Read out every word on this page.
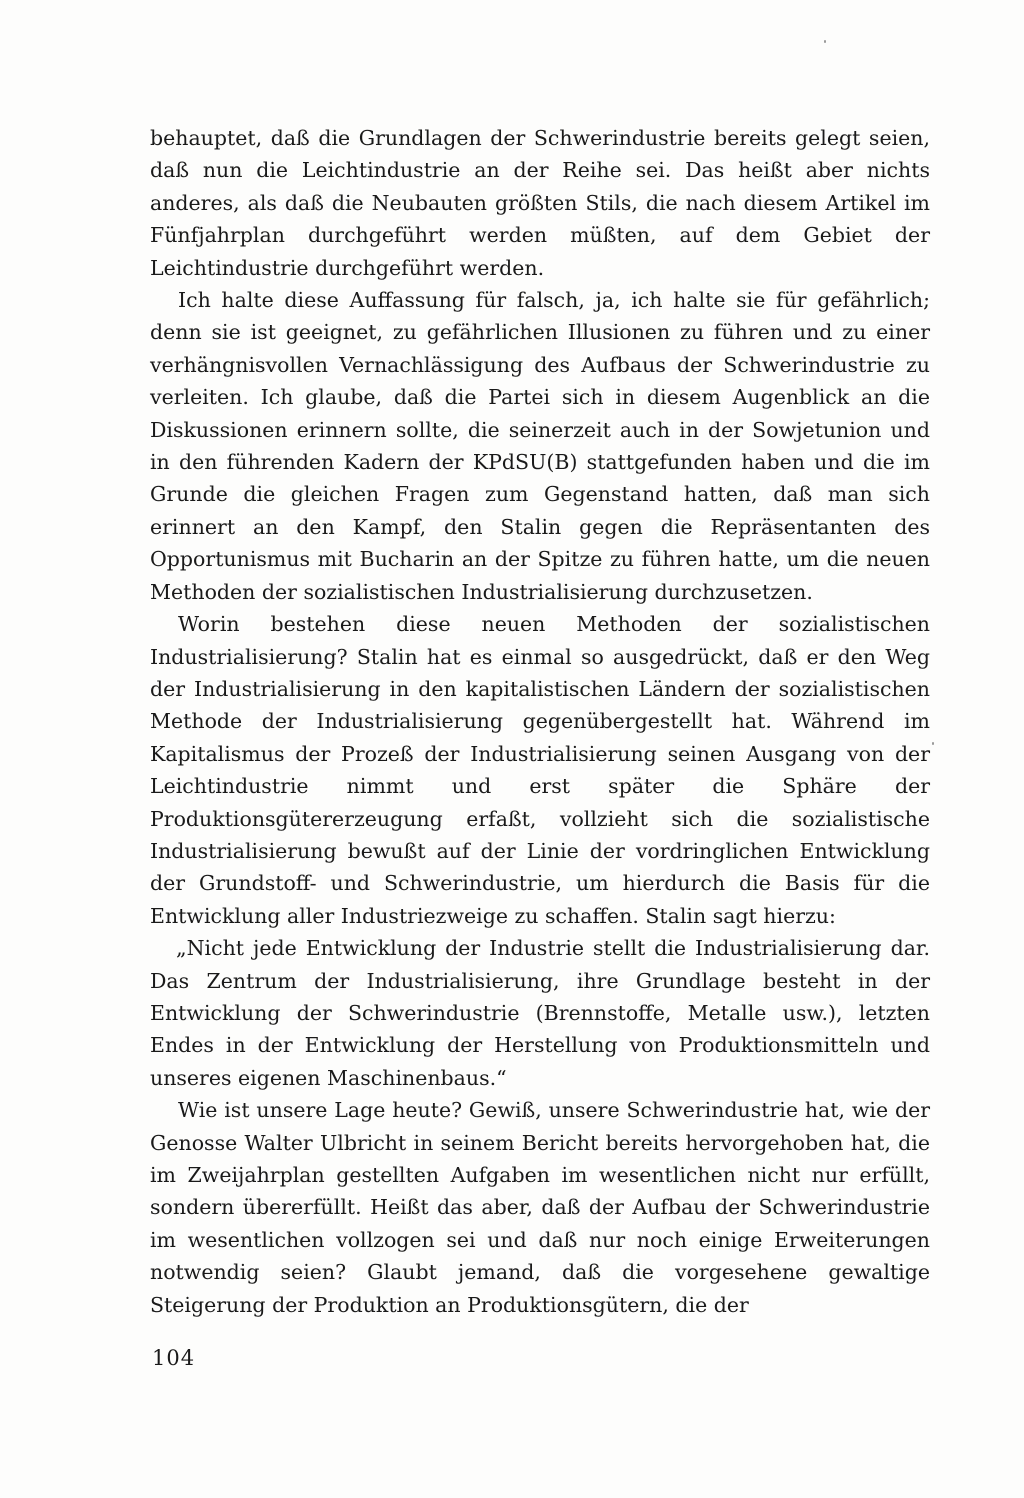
behauptet, daß die Grundlagen der Schwerindustrie bereits gelegt seien, daß nun die Leichtindustrie an der Reihe sei. Das heißt aber nichts anderes, als daß die Neubauten größten Stils, die nach diesem Artikel im Fünfjahrplan durchgeführt werden müßten, auf dem Gebiet der Leichtindustrie durchgeführt werden.

Ich halte diese Auffassung für falsch, ja, ich halte sie für gefährlich; denn sie ist geeignet, zu gefährlichen Illusionen zu führen und zu einer verhängnisvollen Vernachlässigung des Aufbaus der Schwerindustrie zu verleiten. Ich glaube, daß die Partei sich in diesem Augenblick an die Diskussionen erinnern sollte, die seinerzeit auch in der Sowjetunion und in den führenden Kadern der KPdSU(B) stattgefunden haben und die im Grunde die gleichen Fragen zum Gegenstand hatten, daß man sich erinnert an den Kampf, den Stalin gegen die Repräsentanten des Opportunismus mit Bucharin an der Spitze zu führen hatte, um die neuen Methoden der sozialistischen Industrialisierung durchzusetzen.

Worin bestehen diese neuen Methoden der sozialistischen Industrialisierung? Stalin hat es einmal so ausgedrückt, daß er den Weg der Industrialisierung in den kapitalistischen Ländern der sozialistischen Methode der Industrialisierung gegenübergestellt hat. Während im Kapitalismus der Prozeß der Industrialisierung seinen Ausgang von der Leichtindustrie nimmt und erst später die Sphäre der Produktionsgütererzeugung erfaßt, vollzieht sich die sozialistische Industrialisierung bewußt auf der Linie der vordringlichen Entwicklung der Grundstoff- und Schwerindustrie, um hierdurch die Basis für die Entwicklung aller Industriezweige zu schaffen. Stalin sagt hierzu:

„Nicht jede Entwicklung der Industrie stellt die Industrialisierung dar. Das Zentrum der Industrialisierung, ihre Grundlage besteht in der Entwicklung der Schwerindustrie (Brennstoffe, Metalle usw.), letzten Endes in der Entwicklung der Herstellung von Produktionsmitteln und unseres eigenen Maschinenbaus.“

Wie ist unsere Lage heute? Gewiß, unsere Schwerindustrie hat, wie der Genosse Walter Ulbricht in seinem Bericht bereits hervorgehoben hat, die im Zweijahrplan gestellten Aufgaben im wesentlichen nicht nur erfüllt, sondern übererfüllt. Heißt das aber, daß der Aufbau der Schwerindustrie im wesentlichen vollzogen sei und daß nur noch einige Erweiterungen notwendig seien? Glaubt jemand, daß die vorgesehene gewaltige Steigerung der Produktion an Produktionsgütern, die der

104
